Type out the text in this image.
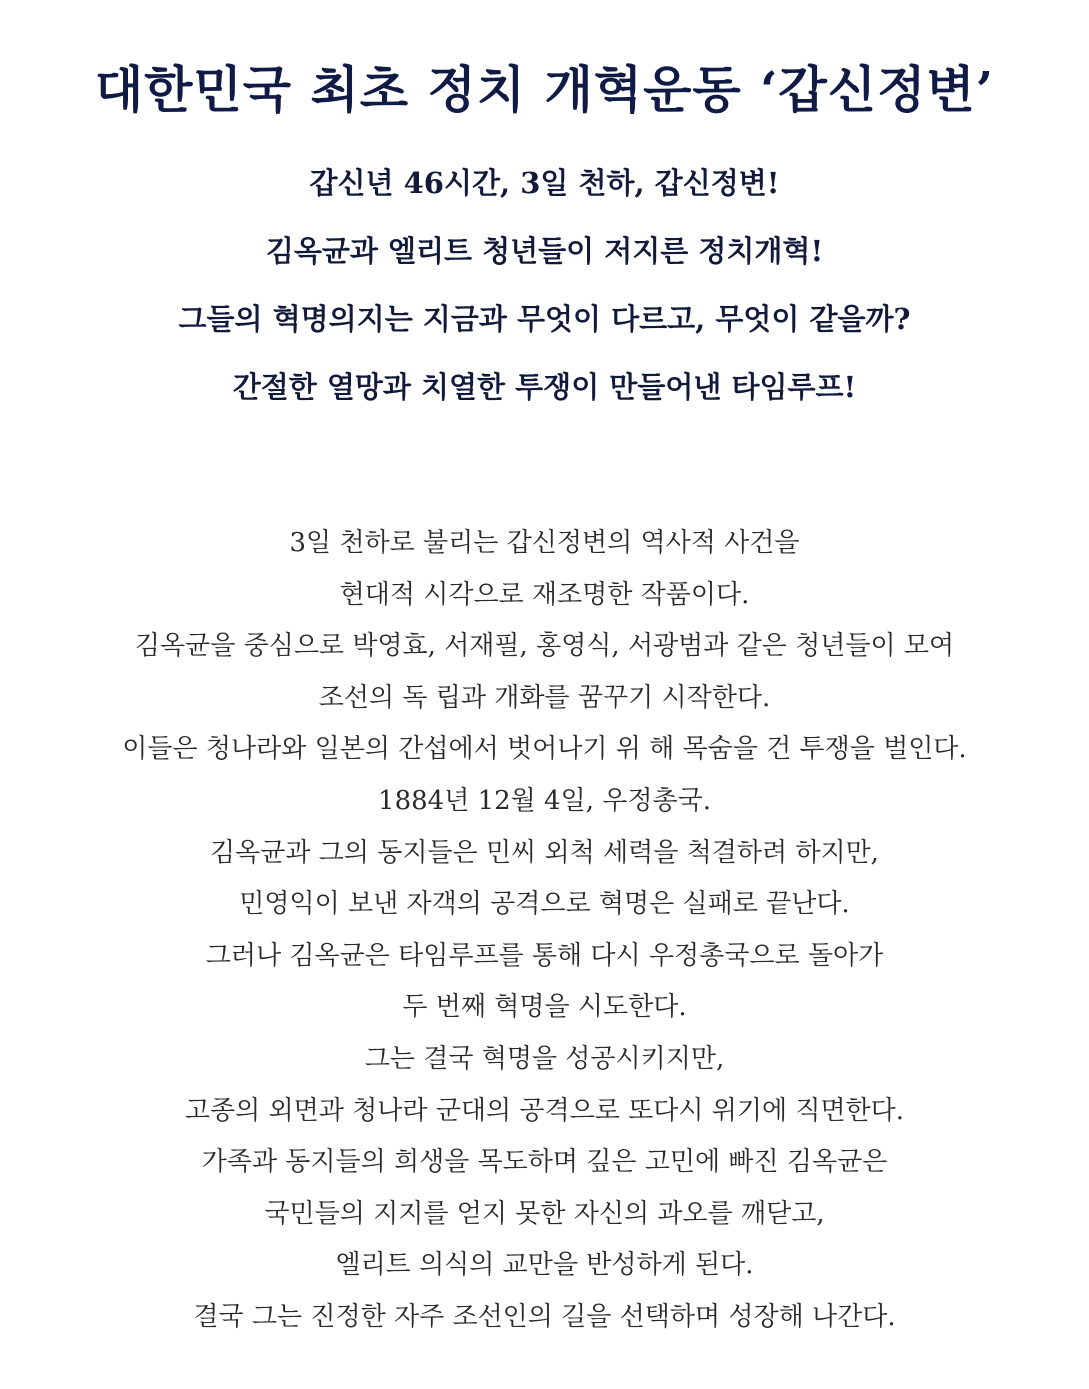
대한민국 최초 정치 개혁운동 ‘갑신정변’
갑신년 46시간, 3일 천하, 갑신정변!
김옥균과 엘리트 청년들이 저지른 정치개혁!
그들의 혁명의지는 지금과 무엇이 다르고, 무엇이 같을까?
간절한 열망과 치열한 투쟁이 만들어낸 타임루프!
3일 천하로 불리는 갑신정변의 역사적 사건을
현대적 시각으로 재조명한 작품이다.
김옥균을 중심으로 박영효, 서재필, 홍영식, 서광범과 같은 청년들이 모여
조선의 독 립과 개화를 꿈꾸기 시작한다.
이들은 청나라와 일본의 간섭에서 벗어나기 위 해 목숨을 건 투쟁을 벌인다.
1884년 12월 4일, 우정총국.
김옥균과 그의 동지들은 민씨 외척 세력을 척결하려 하지만,
민영익이 보낸 자객의 공격으로 혁명은 실패로 끝난다.
그러나 김옥균은 타임루프를 통해 다시 우정총국으로 돌아가
두 번째 혁명을 시도한다.
그는 결국 혁명을 성공시키지만,
고종의 외면과 청나라 군대의 공격으로 또다시 위기에 직면한다.
가족과 동지들의 희생을 목도하며 깊은 고민에 빠진 김옥균은
국민들의 지지를 얻지 못한 자신의 과오를 깨닫고,
엘리트 의식의 교만을 반성하게 된다.
결국 그는 진정한 자주 조선인의 길을 선택하며 성장해 나간다.
